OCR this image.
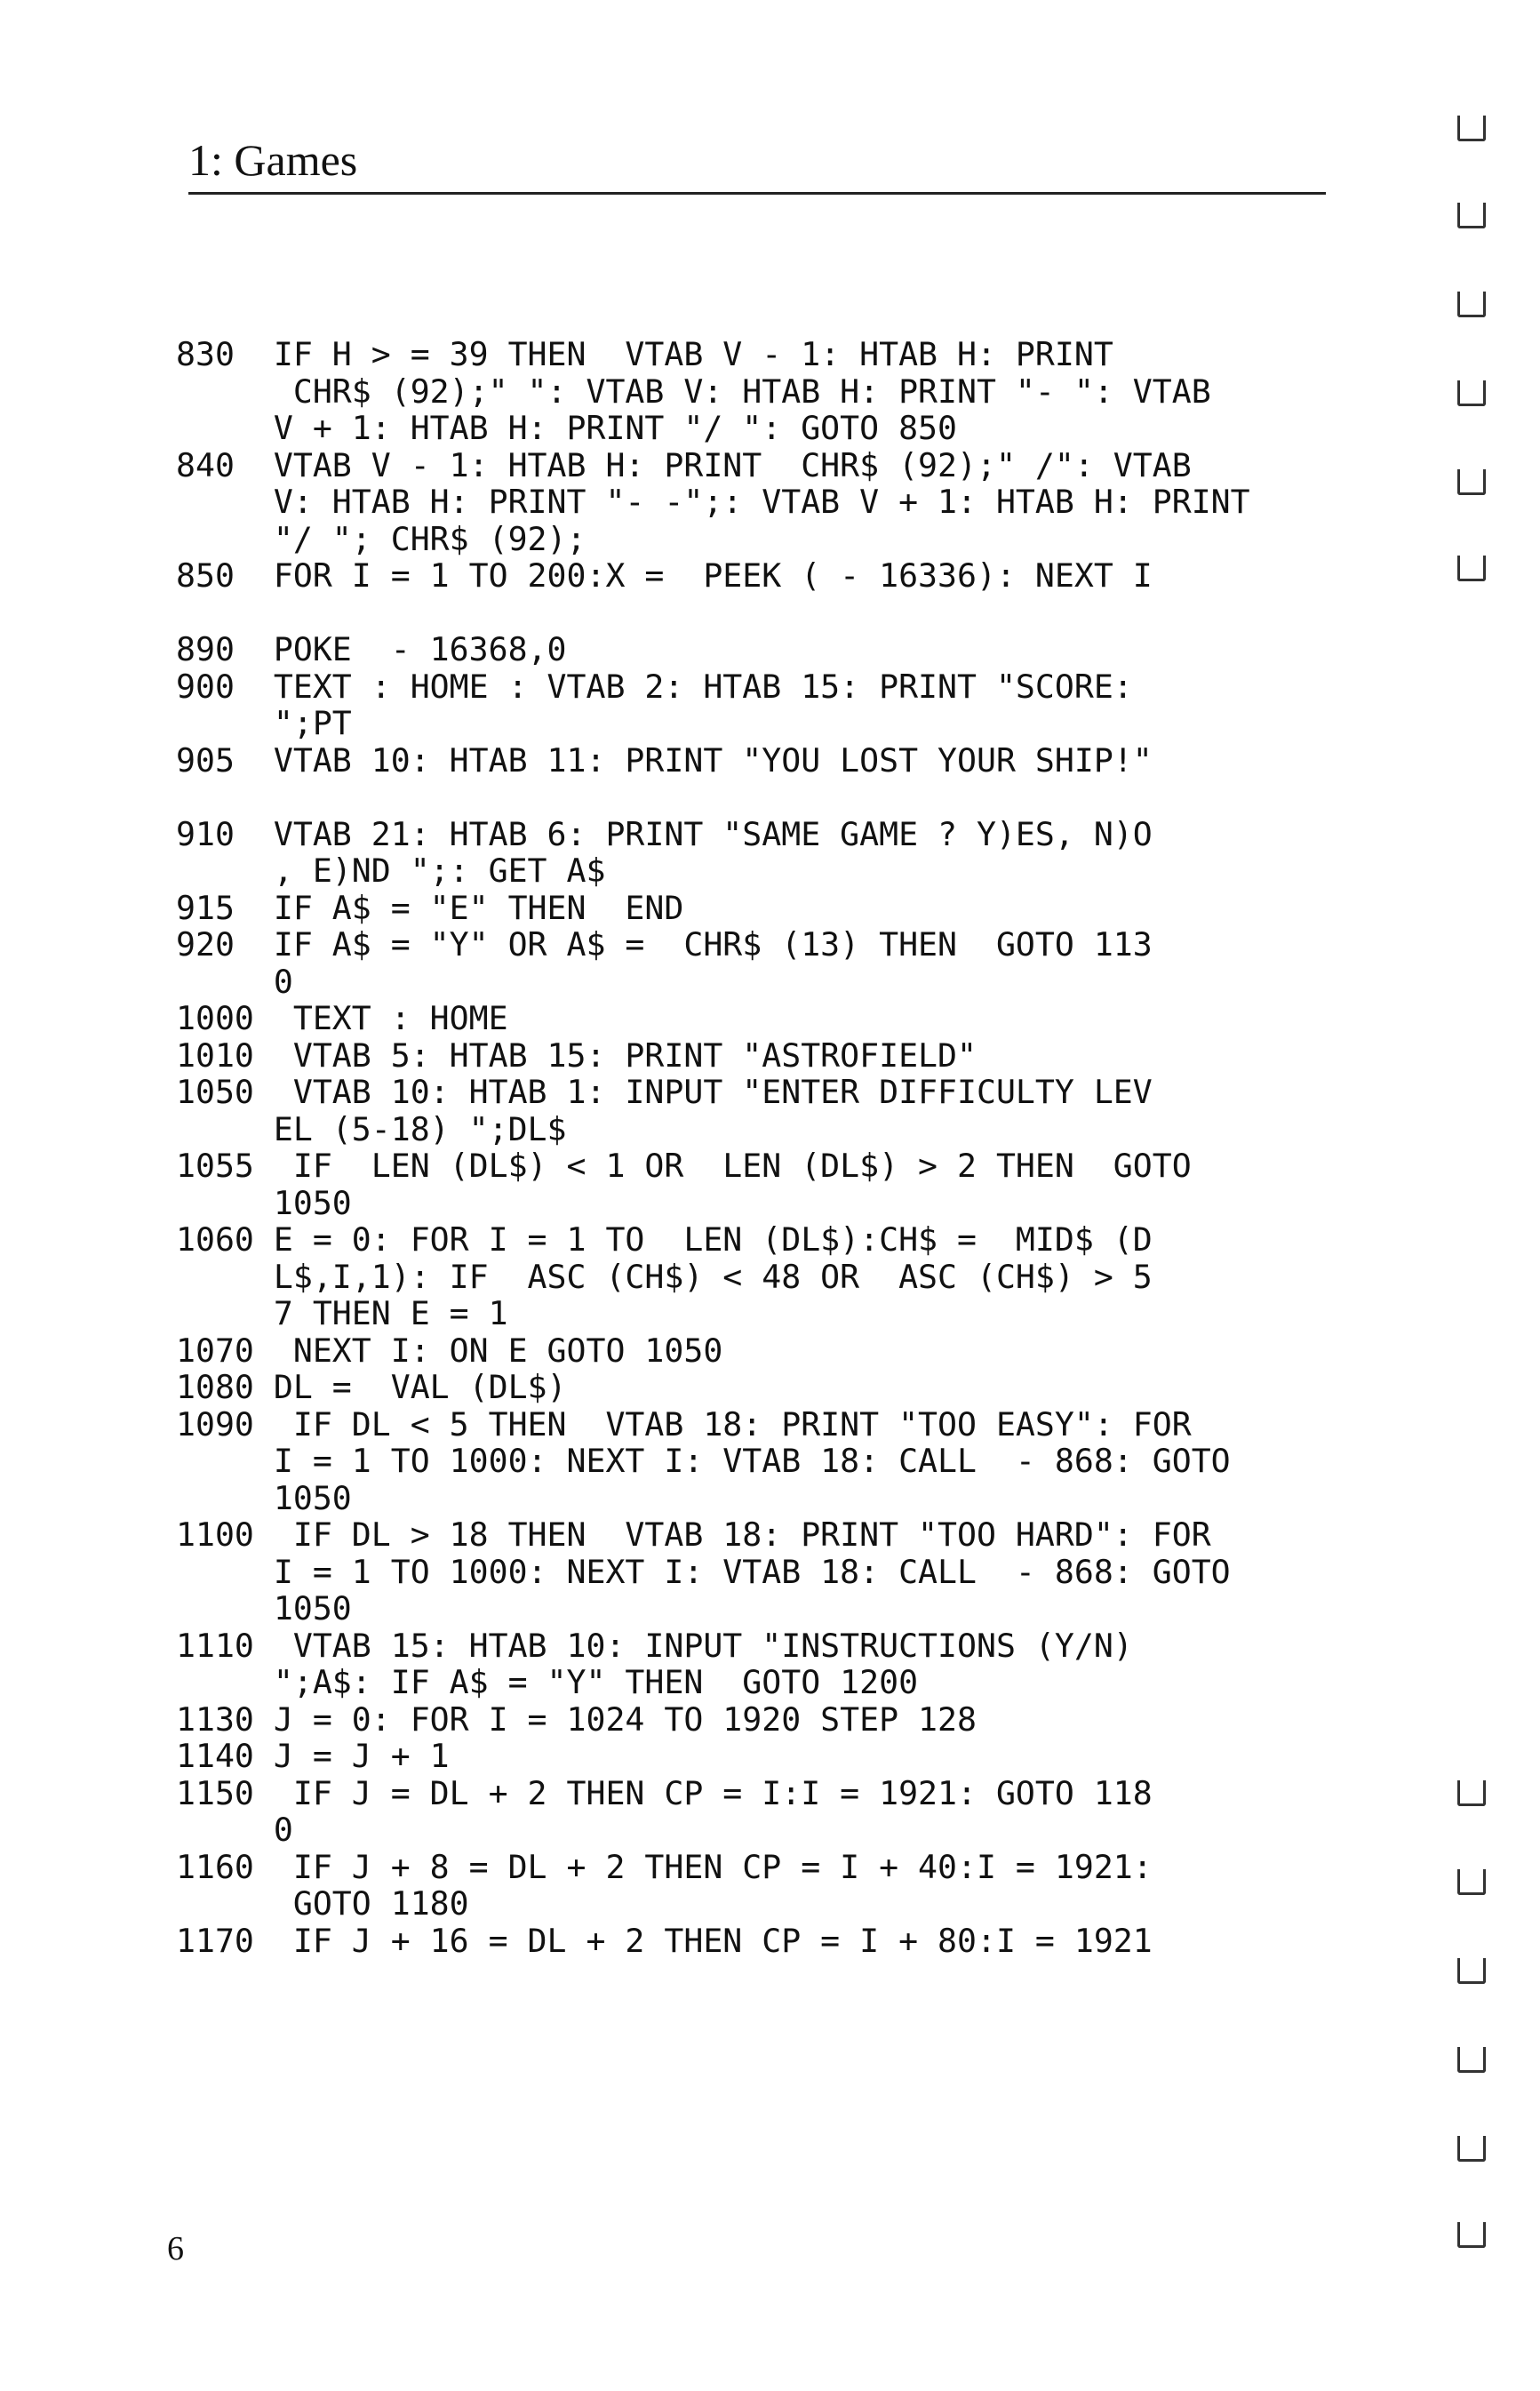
1: Games
830  IF H > = 39 THEN  VTAB V - 1: HTAB H: PRINT
CHR$ (92);" ": VTAB V: HTAB H: PRINT "- ": VTAB
V + 1: HTAB H: PRINT "/ ": GOTO 850
840  VTAB V - 1: HTAB H: PRINT  CHR$ (92);" /": VTAB
V: HTAB H: PRINT "- -";: VTAB V + 1: HTAB H: PRINT
"/ "; CHR$ (92);
850  FOR I = 1 TO 200:X =  PEEK ( - 16336): NEXT I
890  POKE  - 16368,0
900  TEXT : HOME : VTAB 2: HTAB 15: PRINT "SCORE:
";PT
905  VTAB 10: HTAB 11: PRINT "YOU LOST YOUR SHIP!"
910  VTAB 21: HTAB 6: PRINT "SAME GAME ? Y)ES, N)O
, E)ND ";: GET A$
915  IF A$ = "E" THEN  END
920  IF A$ = "Y" OR A$ =  CHR$ (13) THEN  GOTO 113
0
1000  TEXT : HOME
1010  VTAB 5: HTAB 15: PRINT "ASTROFIELD"
1050  VTAB 10: HTAB 1: INPUT "ENTER DIFFICULTY LEV
EL (5-18) ";DL$
1055  IF  LEN (DL$) < 1 OR  LEN (DL$) > 2 THEN  GOTO
1050
1060 E = 0: FOR I = 1 TO  LEN (DL$):CH$ =  MID$ (D
L$,I,1): IF  ASC (CH$) < 48 OR  ASC (CH$) > 5
7 THEN E = 1
1070  NEXT I: ON E GOTO 1050
1080 DL =  VAL (DL$)
1090  IF DL < 5 THEN  VTAB 18: PRINT "TOO EASY": FOR
I = 1 TO 1000: NEXT I: VTAB 18: CALL  - 868: GOTO
1050
1100  IF DL > 18 THEN  VTAB 18: PRINT "TOO HARD": FOR
I = 1 TO 1000: NEXT I: VTAB 18: CALL  - 868: GOTO
1050
1110  VTAB 15: HTAB 10: INPUT "INSTRUCTIONS (Y/N)
";A$: IF A$ = "Y" THEN  GOTO 1200
1130 J = 0: FOR I = 1024 TO 1920 STEP 128
1140 J = J + 1
1150  IF J = DL + 2 THEN CP = I:I = 1921: GOTO 118
0
1160  IF J + 8 = DL + 2 THEN CP = I + 40:I = 1921:
GOTO 1180
1170  IF J + 16 = DL + 2 THEN CP = I + 80:I = 1921
6
